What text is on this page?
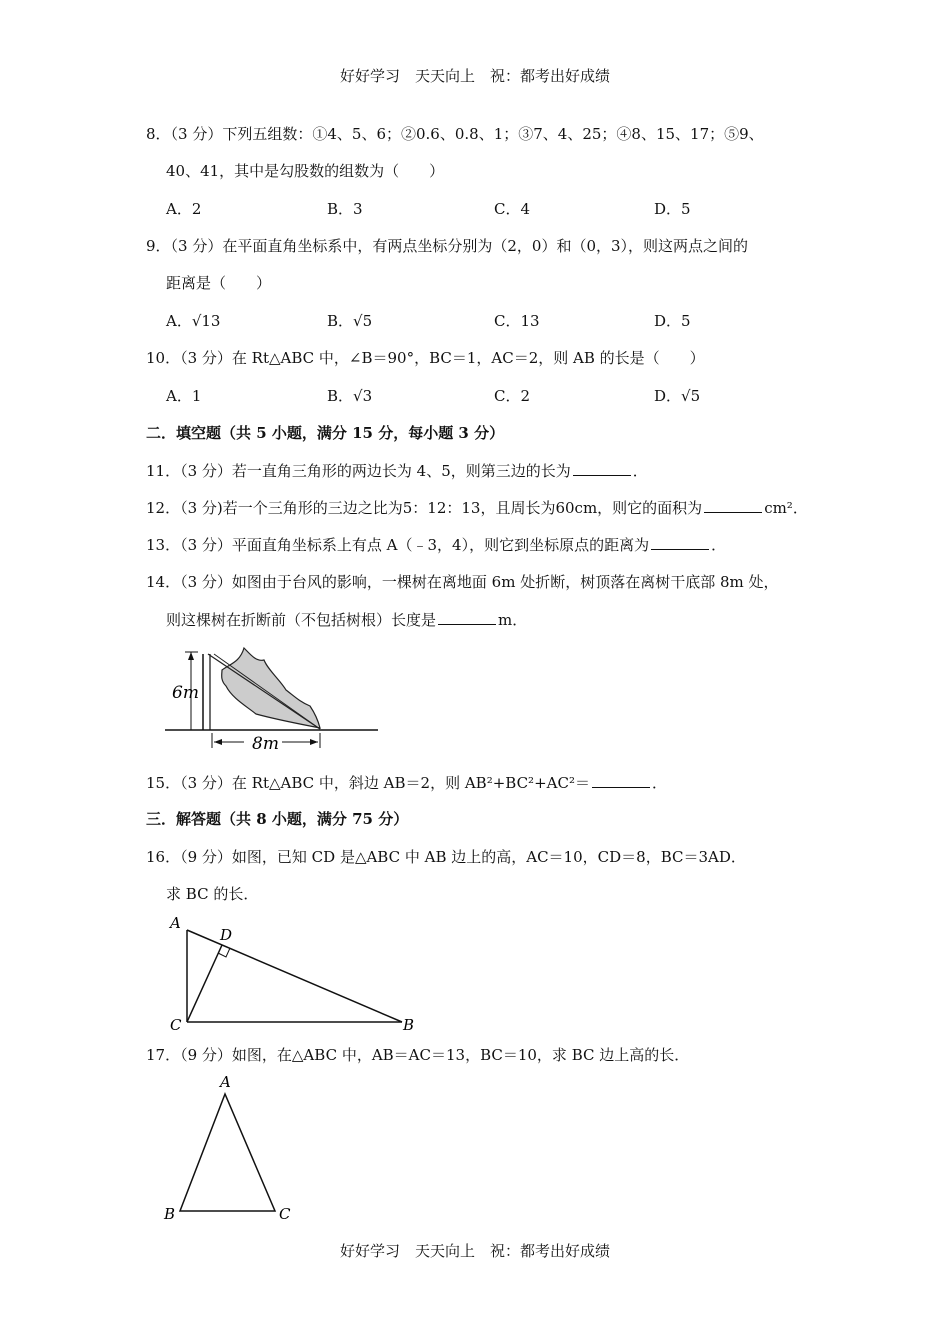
好好学习　天天向上　祝：都考出好成绩
8．（3 分）下列五组数：①4、5、6；②0.6、0.8、1；③7、4、25；④8、15、17；⑤9、
40、41，其中是勾股数的组数为（　　）
A．2	B．3	C．4	D．5
9．（3 分）在平面直角坐标系中，有两点坐标分别为（2，0）和（0，3），则这两点之间的
距离是（　　）
A．√13	B．√5	C．13	D．5
10．（3 分）在 Rt△ABC 中，∠B＝90°，BC＝1，AC＝2，则 AB 的长是（　　）
A．1	B．√3	C．2	D．√5
二．填空题（共 5 小题，满分 15 分，每小题 3 分）
11．（3 分）若一直角三角形的两边长为 4、5，则第三边的长为	．
12．（3 分)若一个三角形的三边之比为5：12：13，且周长为60cm，则它的面积为	cm²．
13．（3 分）平面直角坐标系上有点 A（﹣3，4），则它到坐标原点的距离为	．
14．（3 分）如图由于台风的影响，一棵树在离地面 6m 处折断，树顶落在离树干底部 8m 处，
则这棵树在折断前（不包括树根）长度是	m．
6m
8m
15．（3 分）在 Rt△ABC 中，斜边 AB＝2，则 AB²+BC²+AC²＝	．
三．解答题（共 8 小题，满分 75 分）
16．（9 分）如图，已知 CD 是△ABC 中 AB 边上的高，AC＝10，CD＝8，BC＝3AD．
求 BC 的长．
A
D
C	B
17．（9 分）如图，在△ABC 中，AB＝AC＝13，BC＝10，求 BC 边上高的长．
A
B	C
好好学习　天天向上　祝：都考出好成绩
